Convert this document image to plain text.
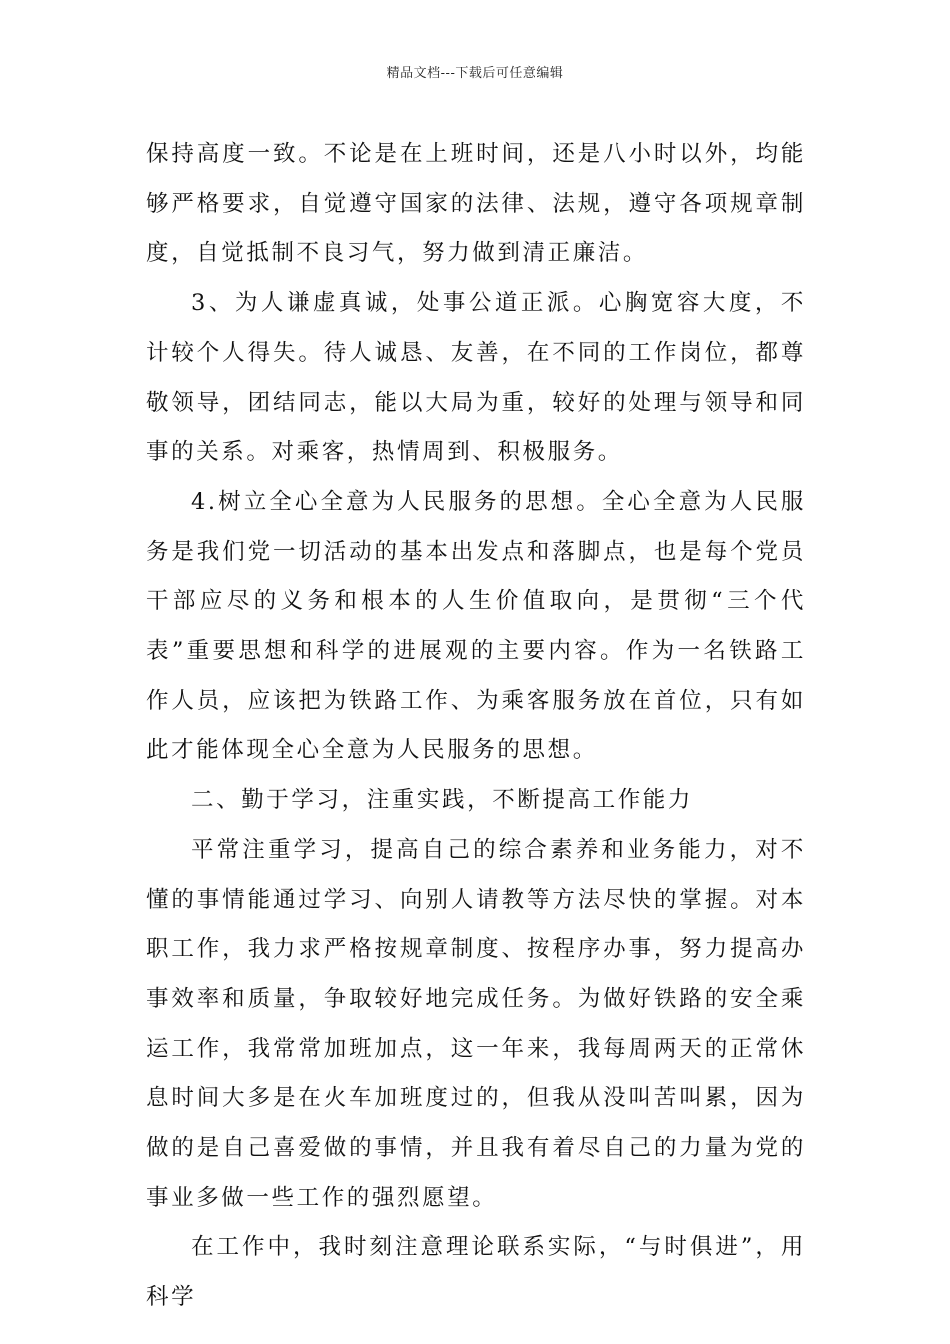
精品文档---下载后可任意编辑

保持高度一致。不论是在上班时间，还是八小时以外，均能够严格要求，自觉遵守国家的法律、法规，遵守各项规章制度，自觉抵制不良习气，努力做到清正廉洁。

3、为人谦虚真诚，处事公道正派。心胸宽容大度，不计较个人得失。待人诚恳、友善，在不同的工作岗位，都尊敬领导，团结同志，能以大局为重，较好的处理与领导和同事的关系。对乘客，热情周到、积极服务。

4.树立全心全意为人民服务的思想。全心全意为人民服务是我们党一切活动的基本出发点和落脚点，也是每个党员干部应尽的义务和根本的人生价值取向，是贯彻“三个代表”重要思想和科学的进展观的主要内容。作为一名铁路工作人员，应该把为铁路工作、为乘客服务放在首位，只有如此才能体现全心全意为人民服务的思想。

二、勤于学习，注重实践，不断提高工作能力

平常注重学习，提高自己的综合素养和业务能力，对不懂的事情能通过学习、向别人请教等方法尽快的掌握。对本职工作，我力求严格按规章制度、按程序办事，努力提高办事效率和质量，争取较好地完成任务。为做好铁路的安全乘运工作，我常常加班加点，这一年来，我每周两天的正常休息时间大多是在火车加班度过的，但我从没叫苦叫累，因为做的是自己喜爱做的事情，并且我有着尽自己的力量为党的事业多做一些工作的强烈愿望。

在工作中，我时刻注意理论联系实际，“与时俱进”，用科学
